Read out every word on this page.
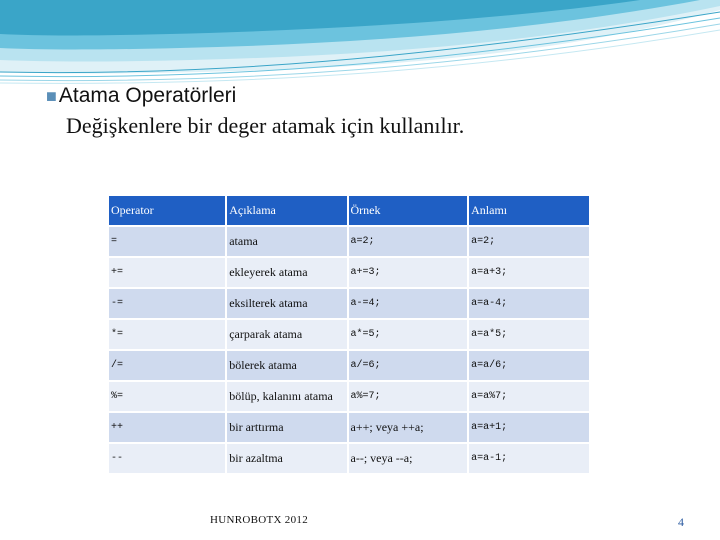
■Atama Operatörleri
Değişkenlere bir deger atamak için kullanılır.
Operator	Açıklama	Örnek	Anlamı
=	atama	a=2;	a=2;
+=	ekleyerek atama	a+=3;	a=a+3;
-=	eksilterek atama	a-=4;	a=a-4;
*=	çarparak atama	a*=5;	a=a*5;
/=	bölerek atama	a/=6;	a=a/6;
%=	bölüp, kalanını atama	a%=7;	a=a%7;
++	bir arttırma	a++; veya ++a;	a=a+1;
--	bir azaltma	a--; veya --a;	a=a-1;
HUNROBOTX 2012	4
